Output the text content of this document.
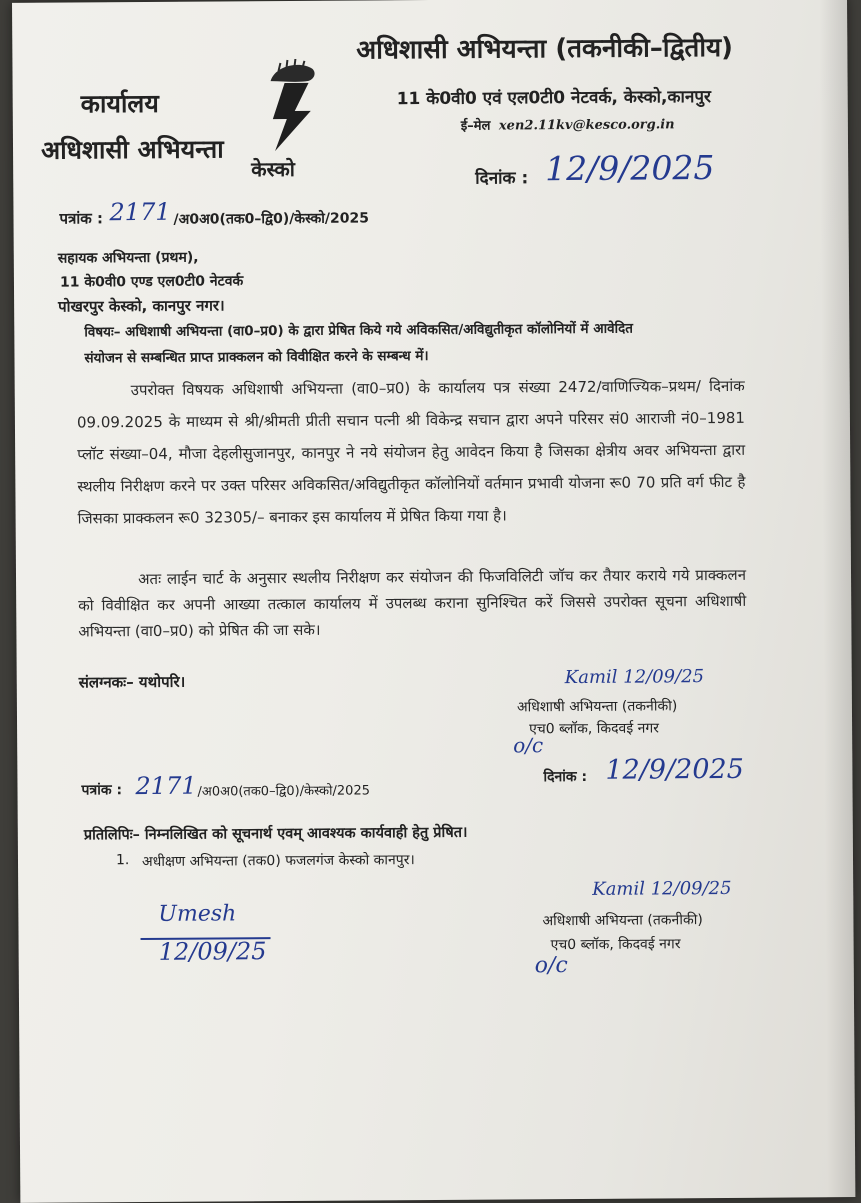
कार्यालय
अधिशासी अभियन्ता
केस्को
अधिशासी अभियन्ता (तकनीकी–द्वितीय)
11 के0वी0 एवं एल0टी0 नेटवर्क, केस्को,कानपुर
ई–मेल xen2.11kv@kesco.org.in
पत्रांक : 2171 /अ0अ0(तक0–द्वि0)/केस्को/2025
दिनांक : 12/9/2025
सहायक अभियन्ता (प्रथम),
11 के0वी0 एण्ड एल0टी0 नेटवर्क
पोखरपुर केस्को, कानपुर नगर।
विषयः– अधिशाषी अभियन्ता (वा0–प्र0) के द्वारा प्रेषित किये गये अविकसित/अविद्युतीकृत कॉलोनियों में आवेदित
संयोजन से सम्बन्धित प्राप्त प्राक्कलन को विवीक्षित करने के सम्बन्ध में।
उपरोक्त विषयक अधिशाषी अभियन्ता (वा0–प्र0) के कार्यालय पत्र संख्या 2472/वाणिज्यिक–प्रथम/ दिनांक 09.09.2025 के माध्यम से श्री/श्रीमती प्रीती सचान पत्नी श्री विकेन्द्र सचान द्वारा अपने परिसर सं0 आराजी नं0–1981 प्लॉट संख्या–04, मौजा देहलीसुजानपुर, कानपुर ने नये संयोजन हेतु आवेदन किया है जिसका क्षेत्रीय अवर अभियन्ता द्वारा स्थलीय निरीक्षण करने पर उक्त परिसर अविकसित/अविद्युतीकृत कॉलोनियों वर्तमान प्रभावी योजना रू0 70 प्रति वर्ग फीट है जिसका प्राक्कलन रू0 32305/– बनाकर इस कार्यालय में प्रेषित किया गया है।
अतः लाईन चार्ट के अनुसार स्थलीय निरीक्षण कर संयोजन की फिजविलिटी जॉच कर तैयार कराये गये प्राक्कलन को विवीक्षित कर अपनी आख्या तत्काल कार्यालय में उपलब्ध कराना सुनिश्चित करें जिससे उपरोक्त सूचना अधिशाषी अभियन्ता (वा0–प्र0) को प्रेषित की जा सके।
संलग्नकः– यथोपरि।	Kamil 12/09/25
अधिशाषी अभियन्ता (तकनीकी)
एच0 ब्लॉक, किदवई नगर
o/c
पत्रांक : 2171 /अ0अ0(तक0–द्वि0)/केस्को/2025
दिनांक : 12/9/2025
प्रतिलिपिः– निम्नलिखित को सूचनार्थ एवम् आवश्यक कार्यवाही हेतु प्रेषित।
1. अधीक्षण अभियन्ता (तक0) फजलगंज केस्को कानपुर।
Umesh
12/09/25
Kamil 12/09/25
अधिशाषी अभियन्ता (तकनीकी)
एच0 ब्लॉक, किदवई नगर
o/c
